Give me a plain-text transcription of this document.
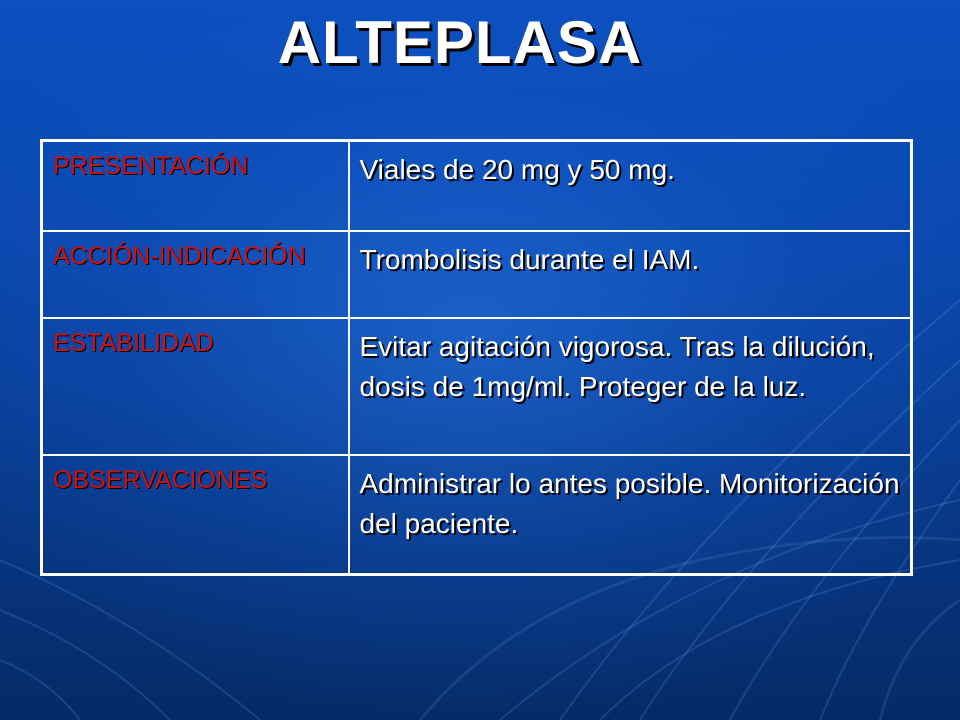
ALTEPLASA
PRESENTACIÓN	Viales de 20 mg y 50 mg.
ACCIÓN-INDICACIÓN	Trombolisis durante el IAM.
ESTABILIDAD	Evitar agitación vigorosa. Tras la dilución, dosis de 1mg/ml. Proteger de la luz.
OBSERVACIONES	Administrar lo antes posible. Monitorización del paciente.
